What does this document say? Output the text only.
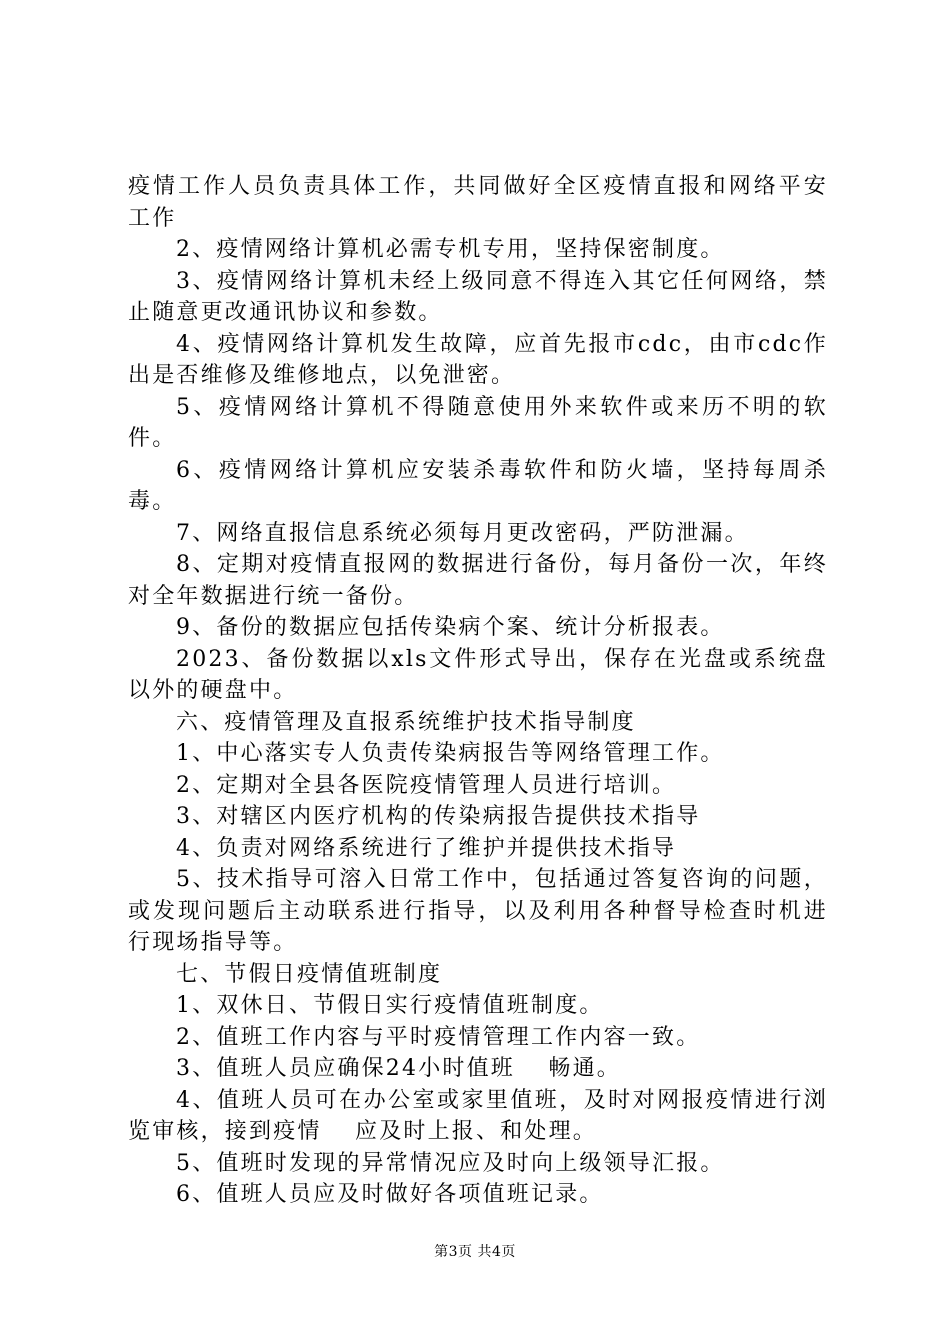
疫情工作人员负责具体工作，共同做好全区疫情直报和网络平安工作

2、疫情网络计算机必需专机专用，坚持保密制度。

3、疫情网络计算机未经上级同意不得连入其它任何网络，禁止随意更改通讯协议和参数。

4、疫情网络计算机发生故障，应首先报市cdc，由市cdc作出是否维修及维修地点，以免泄密。

5、疫情网络计算机不得随意使用外来软件或来历不明的软件。

6、疫情网络计算机应安装杀毒软件和防火墙，坚持每周杀毒。

7、网络直报信息系统必须每月更改密码，严防泄漏。

8、定期对疫情直报网的数据进行备份，每月备份一次，年终对全年数据进行统一备份。

9、备份的数据应包括传染病个案、统计分析报表。

2023、备份数据以xls文件形式导出，保存在光盘或系统盘以外的硬盘中。

六、疫情管理及直报系统维护技术指导制度

1、中心落实专人负责传染病报告等网络管理工作。

2、定期对全县各医院疫情管理人员进行培训。

3、对辖区内医疗机构的传染病报告提供技术指导

4、负责对网络系统进行了维护并提供技术指导

5、技术指导可溶入日常工作中，包括通过答复咨询的问题，或发现问题后主动联系进行指导，以及利用各种督导检查时机进行现场指导等。

七、节假日疫情值班制度

1、双休日、节假日实行疫情值班制度。

2、值班工作内容与平时疫情管理工作内容一致。

3、值班人员应确保24小时值班　 畅通。

4、值班人员可在办公室或家里值班，及时对网报疫情进行浏览审核，接到疫情　 应及时上报、和处理。

5、值班时发现的异常情况应及时向上级领导汇报。

6、值班人员应及时做好各项值班记录。

第3页 共4页
